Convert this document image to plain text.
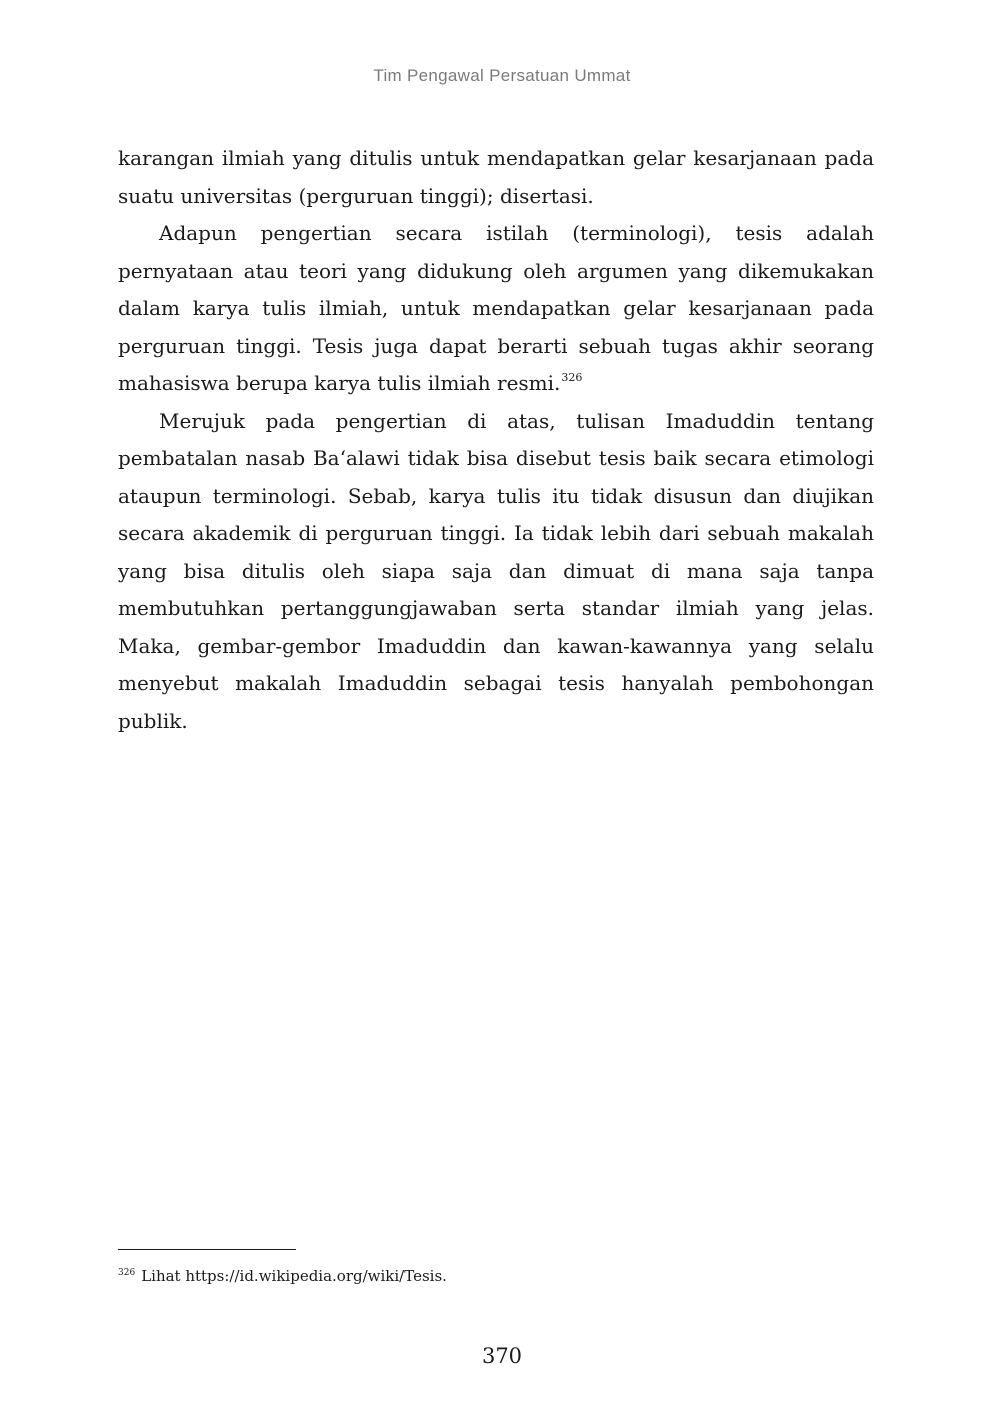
Tim Pengawal Persatuan Ummat

karangan ilmiah yang ditulis untuk mendapatkan gelar kesarjanaan pada suatu universitas (perguruan tinggi); disertasi.

Adapun pengertian secara istilah (terminologi), tesis adalah pernyataan atau teori yang didukung oleh argumen yang dikemukakan dalam karya tulis ilmiah, untuk mendapatkan gelar kesarjanaan pada perguruan tinggi. Tesis juga dapat berarti sebuah tugas akhir seorang mahasiswa berupa karya tulis ilmiah resmi.$^{326}$

Merujuk pada pengertian di atas, tulisan Imaduddin tentang pembatalan nasab Ba‘alawi tidak bisa disebut tesis baik secara etimologi ataupun terminologi. Sebab, karya tulis itu tidak disusun dan diujikan secara akademik di perguruan tinggi. Ia tidak lebih dari sebuah makalah yang bisa ditulis oleh siapa saja dan dimuat di mana saja tanpa membutuhkan pertanggungjawaban serta standar ilmiah yang jelas. Maka, gembar-gembor Imaduddin dan kawan-kawannya yang selalu menyebut makalah Imaduddin sebagai tesis hanyalah pembohongan publik.

$^{326}$ Lihat https://id.wikipedia.org/wiki/Tesis.
370
